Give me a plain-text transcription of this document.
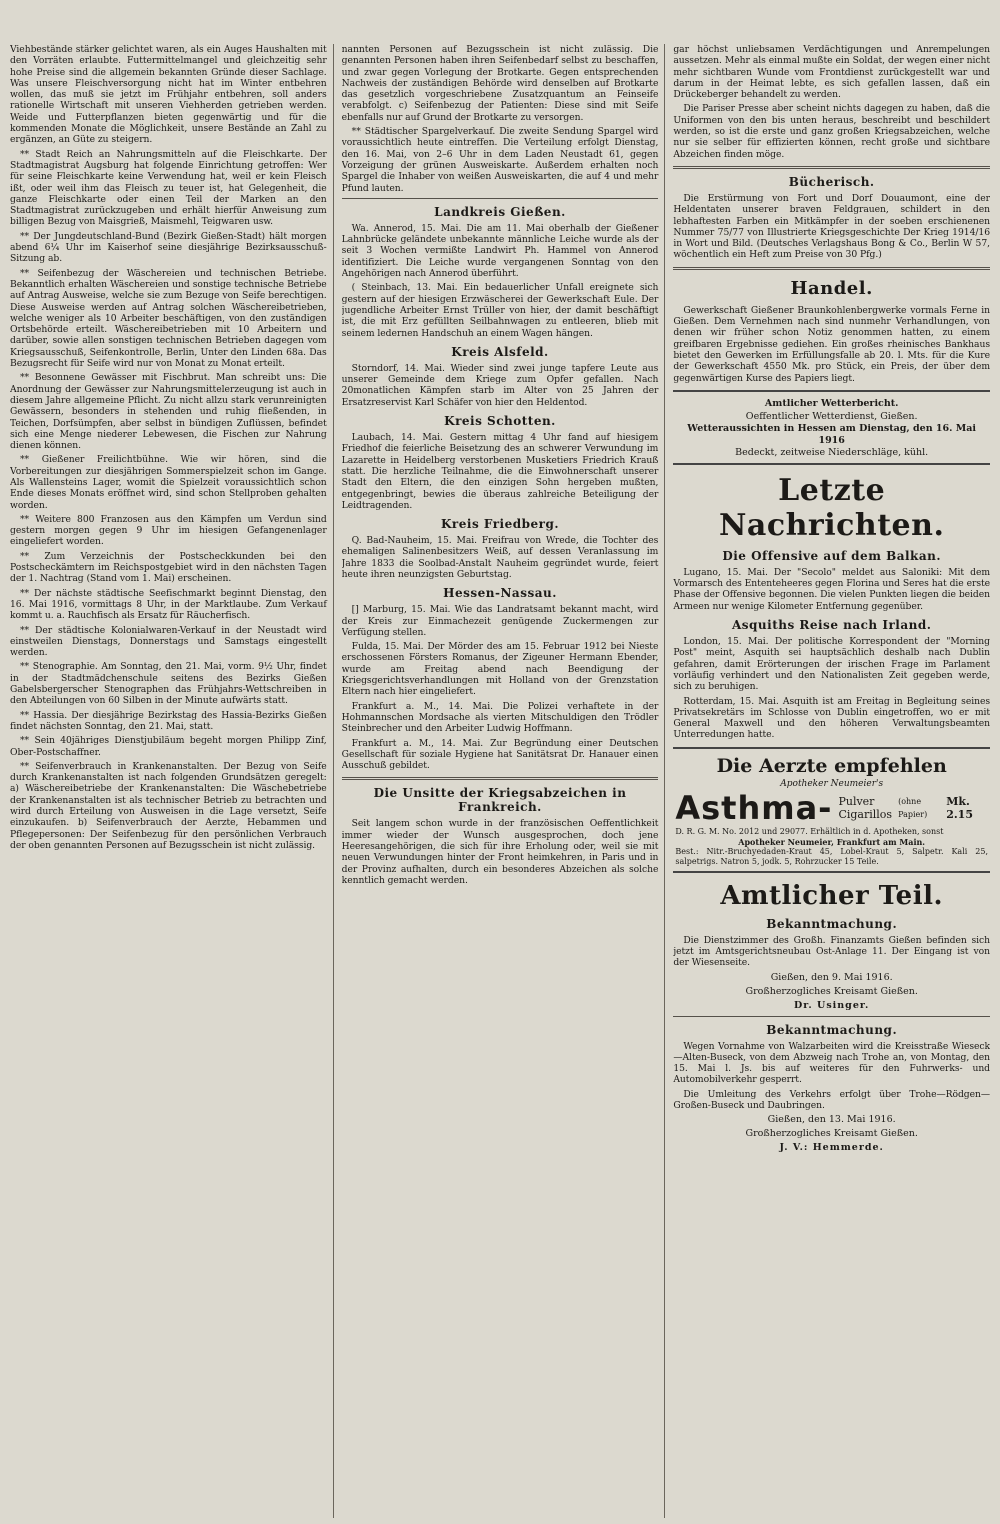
Viehbestände stärker gelichtet waren, als ein Auges Haushalten mit den Vorräten erlaubte. Futtermittelmangel und gleichzeitig sehr hohe Preise sind die allgemein bekannten Gründe dieser Sachlage. Was unsere Fleischversorgung nicht hat im Winter entbehren wollen, das muß sie jetzt im Frühjahr entbehren, soll anders rationelle Wirtschaft mit unseren Viehherden getrieben werden. Weide und Futterpflanzen bieten gegenwärtig und für die kommenden Monate die Möglichkeit, unsere Bestände an Zahl zu ergänzen, an Güte zu steigern.

** Stadt Reich an Nahrungsmitteln auf die Fleischkarte. Der Stadtmagistrat Augsburg hat folgende Einrichtung getroffen: Wer für seine Fleischkarte keine Verwendung hat, weil er kein Fleisch ißt, oder weil ihm das Fleisch zu teuer ist, hat Gelegenheit, die ganze Fleischkarte oder einen Teil der Marken an den Stadtmagistrat zurückzugeben und erhält hierfür Anweisung zum billigen Bezug von Maisgrieß, Maismehl, Teigwaren usw.

** Der Jungdeutschland-Bund (Bezirk Gießen-Stadt) hält morgen abend 6¼ Uhr im Kaiserhof seine diesjährige Bezirksausschuß-Sitzung ab.

** Seifenbezug der Wäschereien und technischen Betriebe. Bekanntlich erhalten Wäschereien und sonstige technische Betriebe auf Antrag Ausweise, welche sie zum Bezuge von Seife berechtigen. Diese Ausweise werden auf Antrag solchen Wäschereibetrieben, welche weniger als 10 Arbeiter beschäftigen, von den zuständigen Ortsbehörde erteilt. Wäschereibetrieben mit 10 Arbeitern und darüber, sowie allen sonstigen technischen Betrieben dagegen vom Kriegsausschuß, Seifenkontrolle, Berlin, Unter den Linden 68a. Das Bezugsrecht für Seife wird nur von Monat zu Monat erteilt.

** Besonnene Gewässer mit Fischbrut. Man schreibt uns: Die Anordnung der Gewässer zur Nahrungsmittelerzeugung ist auch in diesem Jahre allgemeine Pflicht. Zu nicht allzu stark verunreinigten Gewässern, besonders in stehenden und ruhig fließenden, in Teichen, Dorfsümpfen, aber selbst in bündigen Zuflüssen, befindet sich eine Menge niederer Lebewesen, die Fischen zur Nahrung dienen können.

** Gießener Freilichtbühne. Wie wir hören, sind die Vorbereitungen zur diesjährigen Sommerspielzeit schon im Gange. Als Wallensteins Lager, womit die Spielzeit voraussichtlich schon Ende dieses Monats eröffnet wird, sind schon Stellproben gehalten worden.

** Weitere 800 Franzosen aus den Kämpfen um Verdun sind gestern morgen gegen 9 Uhr im hiesigen Gefangenenlager eingeliefert worden.

** Zum Verzeichnis der Postscheckkunden bei den Postscheckämtern im Reichspostgebiet wird in den nächsten Tagen der 1. Nachtrag (Stand vom 1. Mai) erscheinen.

** Der nächste städtische Seefischmarkt beginnt Dienstag, den 16. Mai 1916, vormittags 8 Uhr, in der Marktlaube. Zum Verkauf kommt u. a. Rauchfisch als Ersatz für Räucherfisch.

** Der städtische Kolonialwaren-Verkauf in der Neustadt wird einstweilen Dienstags, Donnerstags und Samstags eingestellt werden.

** Stenographie. Am Sonntag, den 21. Mai, vorm. 9½ Uhr, findet in der Stadtmädchenschule seitens des Bezirks Gießen Gabelsbergerscher Stenographen das Frühjahrs-Wettschreiben in den Abteilungen von 60 Silben in der Minute aufwärts statt.

** Hassia. Der diesjährige Bezirkstag des Hassia-Bezirks Gießen findet nächsten Sonntag, den 21. Mai, statt.

** Sein 40jähriges Dienstjubiläum begeht morgen Philipp Zinf, Ober-Postschaffner.

** Seifenverbrauch in Krankenanstalten. Der Bezug von Seife durch Krankenanstalten ist nach folgenden Grundsätzen geregelt: a) Wäschereibetriebe der Krankenanstalten: Die Wäschebetriebe der Krankenanstalten ist als technischer Betrieb zu betrachten und wird durch Erteilung von Ausweisen in die Lage versetzt, Seife einzukaufen. b) Seifenverbrauch der Aerzte, Hebammen und Pflegepersonen: Der Seifenbezug für den persönlichen Verbrauch der oben genannten Personen auf Bezugsschein ist nicht zulässig.

nannten Personen auf Bezugsschein ist nicht zulässig. Die genannten Personen haben ihren Seifenbedarf selbst zu beschaffen, und zwar gegen Vorlegung der Brotkarte. Gegen entsprechenden Nachweis der zuständigen Behörde wird denselben auf Brotkarte das gesetzlich vorgeschriebene Zusatzquantum an Feinseife verabfolgt. c) Seifenbezug der Patienten: Diese sind mit Seife ebenfalls nur auf Grund der Brotkarte zu versorgen.

** Städtischer Spargelverkauf. Die zweite Sendung Spargel wird voraussichtlich heute eintreffen. Die Verteilung erfolgt Dienstag, den 16. Mai, von 2–6 Uhr in dem Laden Neustadt 61, gegen Vorzeigung der grünen Ausweiskarte. Außerdem erhalten noch Spargel die Inhaber von weißen Ausweiskarten, die auf 4 und mehr Pfund lauten.

Landkreis Gießen.

Wa. Annerod, 15. Mai. Die am 11. Mai oberhalb der Gießener Lahnbrücke geländete unbekannte männliche Leiche wurde als der seit 3 Wochen vermißte Landwirt Ph. Hammel von Annerod identifiziert. Die Leiche wurde vergangenen Sonntag von den Angehörigen nach Annerod überführt.

( Steinbach, 13. Mai. Ein bedauerlicher Unfall ereignete sich gestern auf der hiesigen Erzwäscherei der Gewerkschaft Eule. Der jugendliche Arbeiter Ernst Trüller von hier, der damit beschäftigt ist, die mit Erz gefüllten Seilbahnwagen zu entleeren, blieb mit seinem ledernen Handschuh an einem Wagen hängen.

Kreis Alsfeld.

Storndorf, 14. Mai. Wieder sind zwei junge tapfere Leute aus unserer Gemeinde dem Kriege zum Opfer gefallen. Nach 20monatlichen Kämpfen starb im Alter von 25 Jahren der Ersatzreservist Karl Schäfer von hier den Heldentod.

Kreis Schotten.

Laubach, 14. Mai. Gestern mittag 4 Uhr fand auf hiesigem Friedhof die feierliche Beisetzung des an schwerer Verwundung im Lazarette in Heidelberg verstorbenen Musketiers Friedrich Krauß statt. Die herzliche Teilnahme, die die Einwohnerschaft unserer Stadt den Eltern, die den einzigen Sohn hergeben mußten, entgegenbringt, bewies die überaus zahlreiche Beteiligung der Leidtragenden.

Kreis Friedberg.

Q. Bad-Nauheim, 15. Mai. Freifrau von Wrede, die Tochter des ehemaligen Salinenbesitzers Weiß, auf dessen Veranlassung im Jahre 1833 die Soolbad-Anstalt Nauheim gegründet wurde, feiert heute ihren neunzigsten Geburtstag.

Hessen-Nassau.

[] Marburg, 15. Mai. Wie das Landratsamt bekannt macht, wird der Kreis zur Einmachezeit genügende Zuckermengen zur Verfügung stellen.

Fulda, 15. Mai. Der Mörder des am 15. Februar 1912 bei Nieste erschossenen Försters Romanus, der Zigeuner Hermann Ebender, wurde am Freitag abend nach Beendigung der Kriegsgerichtsverhandlungen mit Holland von der Grenzstation Eltern nach hier eingeliefert.

Frankfurt a. M., 14. Mai. Die Polizei verhaftete in der Hohmannschen Mordsache als vierten Mitschuldigen den Trödler Steinbrecher und den Arbeiter Ludwig Hoffmann.

Frankfurt a. M., 14. Mai. Zur Begründung einer Deutschen Gesellschaft für soziale Hygiene hat Sanitätsrat Dr. Hanauer einen Ausschuß gebildet.

Die Unsitte der Kriegsabzeichen in Frankreich.

Seit langem schon wurde in der französischen Oeffentlichkeit immer wieder der Wunsch ausgesprochen, doch jene Heeresangehörigen, die sich für ihre Erholung oder, weil sie mit neuen Verwundungen hinter der Front heimkehren, in Paris und in der Provinz aufhalten, durch ein besonderes Abzeichen als solche kenntlich gemacht werden.

gar höchst unliebsamen Verdächtigungen und Anrempelungen aussetzen. Mehr als einmal mußte ein Soldat, der wegen einer nicht mehr sichtbaren Wunde vom Frontdienst zurückgestellt war und darum in der Heimat lebte, es sich gefallen lassen, daß ein Drückeberger behandelt zu werden.

Die Pariser Presse aber scheint nichts dagegen zu haben, daß die Uniformen von den bis unten heraus, beschreibt und beschildert werden, so ist die erste und ganz großen Kriegsabzeichen, welche nur sie selber für effizierten können, recht große und sichtbare Abzeichen finden möge.

Bücherisch.

Die Erstürmung von Fort und Dorf Douaumont, eine der Heldentaten unserer braven Feldgrauen, schildert in den lebhaftesten Farben ein Mitkämpfer in der soeben erschienenen Nummer 75/77 von Illustrierte Kriegsgeschichte Der Krieg 1914/16 in Wort und Bild. (Deutsches Verlagshaus Bong & Co., Berlin W 57, wöchentlich ein Heft zum Preise von 30 Pfg.)

Handel.

Gewerkschaft Gießener Braunkohlenbergwerke vormals Ferne in Gießen. Dem Vernehmen nach sind nunmehr Verhandlungen, von denen wir früher schon Notiz genommen hatten, zu einem greifbaren Ergebnisse gediehen. Ein großes rheinisches Bankhaus bietet den Gewerken im Erfüllungsfalle ab 20. l. Mts. für die Kure der Gewerkschaft 4550 Mk. pro Stück, ein Preis, der über dem gegenwärtigen Kurse des Papiers liegt.

Amtlicher Wetterbericht.
Oeffentlicher Wetterdienst, Gießen.
Wetteraussichten in Hessen am Dienstag, den 16. Mai 1916
Bedeckt, zeitweise Niederschläge, kühl.
Letzte Nachrichten.
Die Offensive auf dem Balkan.

Lugano, 15. Mai. Der "Secolo" meldet aus Saloniki: Mit dem Vormarsch des Ententeheeres gegen Florina und Seres hat die erste Phase der Offensive begonnen. Die vielen Punkten liegen die beiden Armeen nur wenige Kilometer Entfernung gegenüber.

Asquiths Reise nach Irland.

London, 15. Mai. Der politische Korrespondent der "Morning Post" meint, Asquith sei hauptsächlich deshalb nach Dublin gefahren, damit Erörterungen der irischen Frage im Parlament vorläufig verhindert und den Nationalisten Zeit gegeben werde, sich zu beruhigen.

Rotterdam, 15. Mai. Asquith ist am Freitag in Begleitung seines Privatsekretärs im Schlosse von Dublin eingetroffen, wo er mit General Maxwell und den höheren Verwaltungsbeamten Unterredungen hatte.

Die Aerzte empfehlen
Apotheker Neumeier's
Asthma- Pulver
Cigarillos
(ohne Papier)
Mk. 2.15
D. R. G. M. No. 2012 und 29077. Erhältlich in d. Apotheken, sonst
Apotheker Neumeier, Frankfurt am Main.
Best.: Nitr.-Bruchyedaden-Kraut 45, Lobel-Kraut 5, Salpetr. Kali 25, salpetrigs. Natron 5, jodk. 5, Rohrzucker 15 Teile.
Amtlicher Teil.
Bekanntmachung.

Die Dienstzimmer des Großh. Finanzamts Gießen befinden sich jetzt im Amtsgerichtsneubau Ost-Anlage 11. Der Eingang ist von der Wiesenseite.

Gießen, den 9. Mai 1916.
Großherzogliches Kreisamt Gießen.
Dr. Usinger.
Bekanntmachung.

Wegen Vornahme von Walzarbeiten wird die Kreisstraße Wieseck—Alten-Buseck, von dem Abzweig nach Trohe an, von Montag, den 15. Mai l. Js. bis auf weiteres für den Fuhrwerks- und Automobilverkehr gesperrt.

Die Umleitung des Verkehrs erfolgt über Trohe—Rödgen—Großen-Buseck und Daubringen.

Gießen, den 13. Mai 1916.
Großherzogliches Kreisamt Gießen.
J. V.: Hemmerde.
